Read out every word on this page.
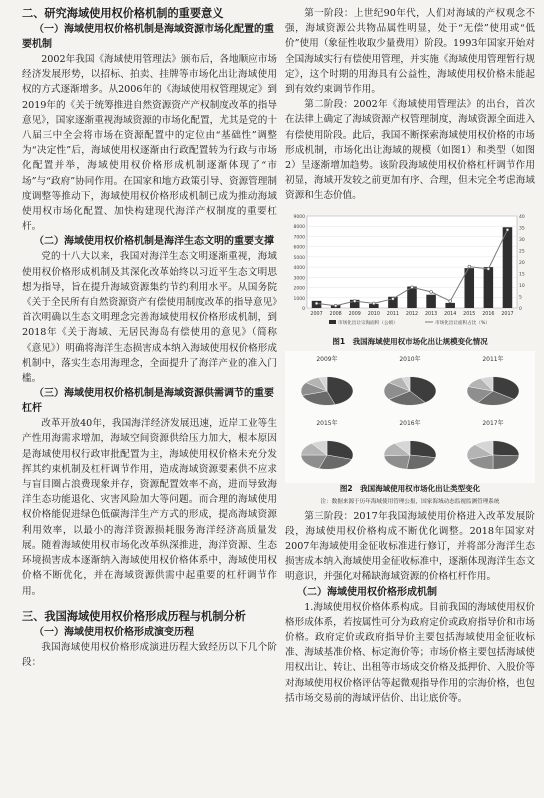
二、研究海域使用权价格机制的重要意义
（一）海域使用权价格机制是海域资源市场化配置的重要机制

2002年我国《海域使用管理法》颁布后，各地顺应市场经济发展形势，以招标、拍卖、挂牌等市场化出让海域使用权的方式逐渐增多。从2006年的《海域使用权管理规定》到2019年的《关于统筹推进自然资源资产产权制度改革的指导意见》，国家逐渐重视海域资源的市场化配置，尤其是党的十八届三中全会将市场在资源配置中的定位由“基础性”调整为“决定性”后，海域使用权逐渐由行政配置转为行政与市场化配置并举，海域使用权价格形成机制逐渐体现了“市场”与“政府”协同作用。在国家和地方政策引导、资源管理制度调整等推动下，海域使用权价格形成机制已成为推动海域使用权市场化配置、加快构建现代海洋产权制度的重要杠杆。

（二）海域使用权价格机制是海洋生态文明的重要支撑

党的十八大以来，我国对海洋生态文明逐渐重视，海域使用权价格形成机制及其深化改革始终以习近平生态文明思想为指导，旨在提升海域资源集约节约利用水平。从国务院《关于全民所有自然资源资产有偿使用制度改革的指导意见》首次明确以生态文明理念完善海域使用权价格形成机制，到2018年《关于海域、无居民海岛有偿使用的意见》（简称《意见》）明确将海洋生态损害成本纳入海域使用权价格形成机制中，落实生态用海理念，全面提升了海洋产业的准入门槛。

（三）海域使用权价格机制是海域资源供需调节的重要杠杆

改革开放40年，我国海洋经济发展迅速，近岸工业等生产性用海需求增加，海域空间资源供给压力加大，根本原因是海域使用权行政审批配置为主，海域使用权价格未充分发挥其约束机制及杠杆调节作用，造成海域资源要素供不应求与盲目圈占浪费现象并存，资源配置效率不高，进而导致海洋生态功能退化、灾害风险加大等问题。而合理的海域使用权价格能促进绿色低碳海洋生产方式的形成，提高海域资源利用效率，以最小的海洋资源损耗服务海洋经济高质量发展。随着海域使用权市场化改革纵深推进，海洋资源、生态环境损害成本逐渐纳入海域使用权价格体系中，海域使用权价格不断优化，并在海域资源供需中起重要的杠杆调节作用。

三、我国海域使用权价格形成历程与机制分析
（一）海域使用权价格形成演变历程

我国海域使用权价格形成演进历程大致经历以下几个阶段：

第一阶段：上世纪90年代，人们对海域的产权观念不强，海域资源公共物品属性明显，处于“无偿”使用或“低价”使用（象征性收取少量费用）阶段。1993年国家开始对全国海域实行有偿使用管理，并实施《海域使用管理暂行规定》，这个时期的用海具有公益性，海域使用权价格未能起到有效约束调节作用。

第二阶段：2002年《海域使用管理法》的出台，首次在法律上确定了海域资源产权管理制度，海域资源全面进入有偿使用阶段。此后，我国不断探索海域使用权价格的市场形成机制，市场化出让海域的规模（如图1）和类型（如图2）呈逐渐增加趋势。该阶段海域使用权价格杠杆调节作用初显，海域开发较之前更加有序、合理，但未完全考虑海域资源和生态价值。

0
1000
2000
3000
4000
5000
6000
7000
8000
9000
0
5
10
15
20
25
30
35
40
2007 2008 2009 2010 2011 2012 2013 2014 2015 2016 2017
市场化出让宗海面积（公顷）	市场化出让面积占比（%）
图1　我国海域使用权市场化出让规模变化情况
2009年	2010年	2011年
2015年	2016年	2017年
图2　我国海域使用权市场化出让类型变化
注：数据来源于历年海域使用管理公报，国家海域动态监视监测管理系统

第三阶段：2017年我国海域使用价格进入改革发展阶段，海域使用权价格构成不断优化调整。2018年国家对2007年海域使用金征收标准进行修订，并将部分海洋生态损害成本纳入海域使用金征收标准中，逐渐体现海洋生态文明意识，并强化对稀缺海域资源的价格杠杆作用。

（二）海域使用权价格形成机制

1.海域使用权价格体系构成。目前我国的海域使用权价格形成体系，若按属性可分为政府定价或政府指导价和市场价格。政府定价或政府指导价主要包括海域使用金征收标准、海域基准价格、标定海价等；市场价格主要包括海域使用权出让、转让、出租等市场成交价格及抵押价、入股价等对海域使用权价格评估等起微观指导作用的宗海价格，也包括市场交易前的海域评估价、出让底价等。
